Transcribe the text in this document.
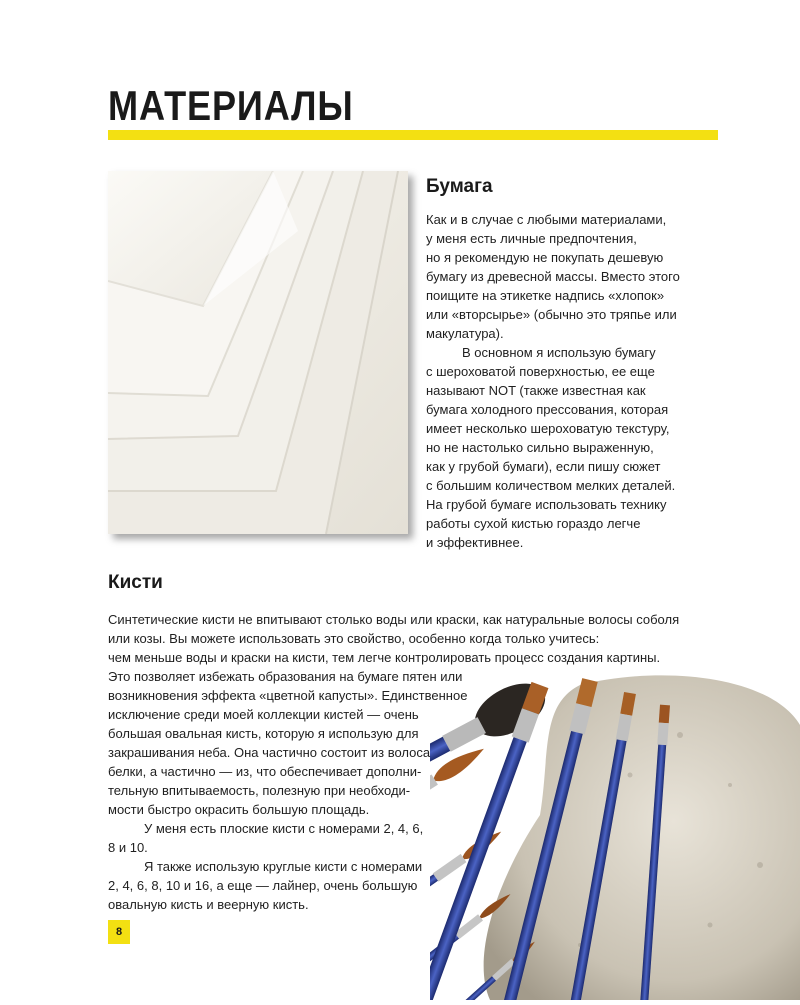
МАТЕРИАЛЫ
Бумага

Как и в случае с любыми материалами,
у меня есть личные предпочтения,
но я рекомендую не покупать дешевую
бумагу из древесной массы. Вместо этого
поищите на этикетке надпись «хлопок»
или «вторсырье» (обычно это тряпье или
макулатура).

В основном я использую бумагу
с шероховатой поверхностью, ее еще
называют NOT (также известная как
бумага холодного прессования, которая
имеет несколько шероховатую текстуру,
но не настолько сильно выраженную,
как у грубой бумаги), если пишу сюжет
с большим количеством мелких деталей.
На грубой бумаге использовать технику
работы сухой кистью гораздо легче
и эффективнее.

Кисти

Синтетические кисти не впитывают столько воды или краски, как натуральные волосы соболя
или козы. Вы можете использовать это свойство, особенно когда только учитесь:
чем меньше воды и краски на кисти, тем легче контролировать процесс создания картины.
Это позволяет избежать образования на бумаге пятен или
возникновения эффекта «цветной капусты». Единственное
исключение среди моей коллекции кистей — очень
большая овальная кисть, которую я использую для
закрашивания неба. Она частично состоит из волоса
белки, а частично — из, что обеспечивает дополни-
тельную впитываемость, полезную при необходи-
мости быстро окрасить большую площадь.

У меня есть плоские кисти с номерами 2, 4, 6,
8 и 10.

Я также использую круглые кисти с номерами
2, 4, 6, 8, 10 и 16, а еще — лайнер, очень большую
овальную кисть и веерную кисть.

8
